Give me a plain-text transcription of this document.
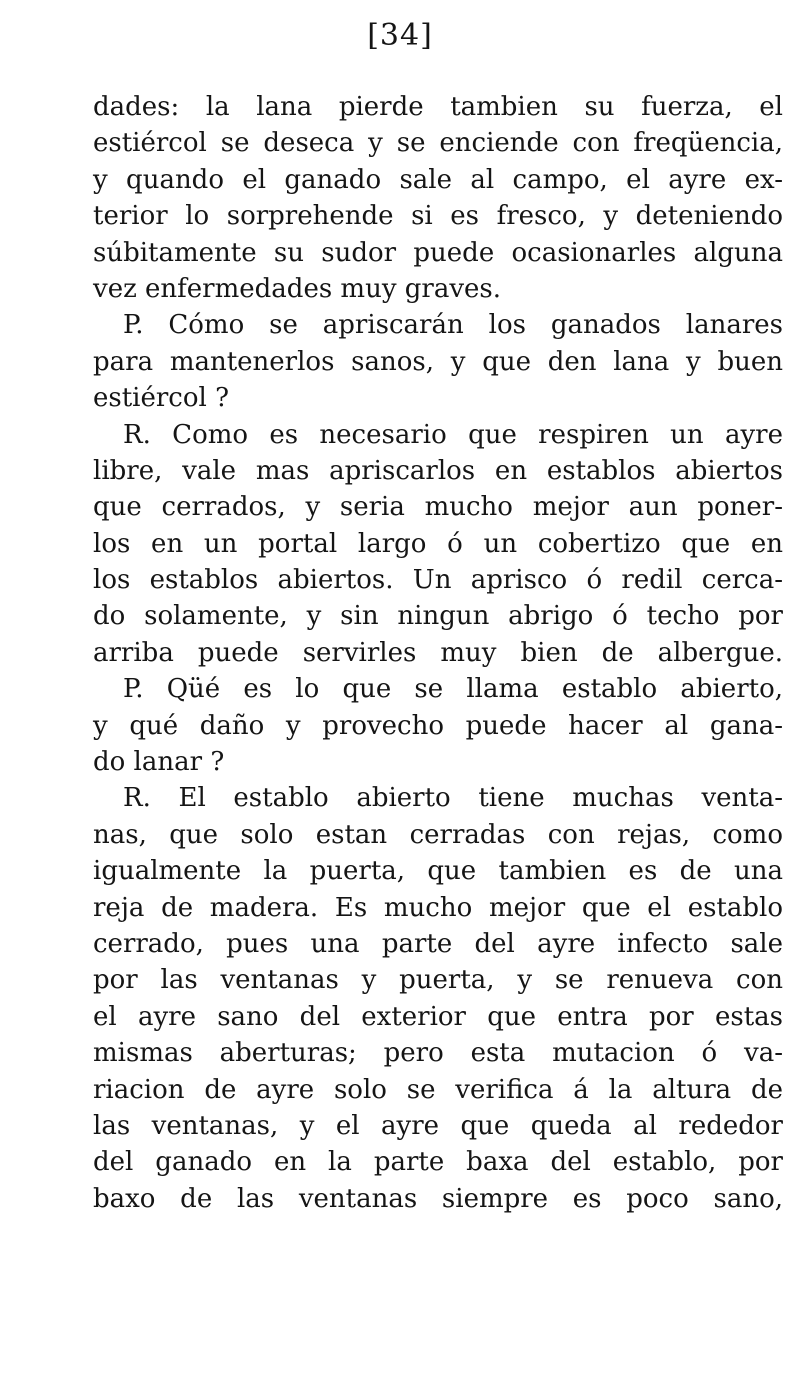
[34]
dades: la lana pierde tambien su fuerza, el
estiércol se deseca y se enciende con freqüencia,
y quando el ganado sale al campo, el ayre ex-
terior lo sorprehende si es fresco, y deteniendo
súbitamente su sudor puede ocasionarles alguna
vez enfermedades muy graves.
P. Cómo se apriscarán los ganados lanares
para mantenerlos sanos, y que den lana y buen
estiércol ?
R. Como es necesario que respiren un ayre
libre, vale mas apriscarlos en establos abiertos
que cerrados, y seria mucho mejor aun poner-
los en un portal largo ó un cobertizo que en
los establos abiertos. Un aprisco ó redil cerca-
do solamente, y sin ningun abrigo ó techo por
arriba puede servirles muy bien de albergue.
P. Qüé es lo que se llama establo abierto,
y qué daño y provecho puede hacer al gana-
do lanar ?
R. El establo abierto tiene muchas venta-
nas, que solo estan cerradas con rejas, como
igualmente la puerta, que tambien es de una
reja de madera. Es mucho mejor que el establo
cerrado, pues una parte del ayre infecto sale
por las ventanas y puerta, y se renueva con
el ayre sano del exterior que entra por estas
mismas aberturas; pero esta mutacion ó va-
riacion de ayre solo se verifica á la altura de
las ventanas, y el ayre que queda al rededor
del ganado en la parte baxa del establo, por
baxo de las ventanas siempre es poco sano,
